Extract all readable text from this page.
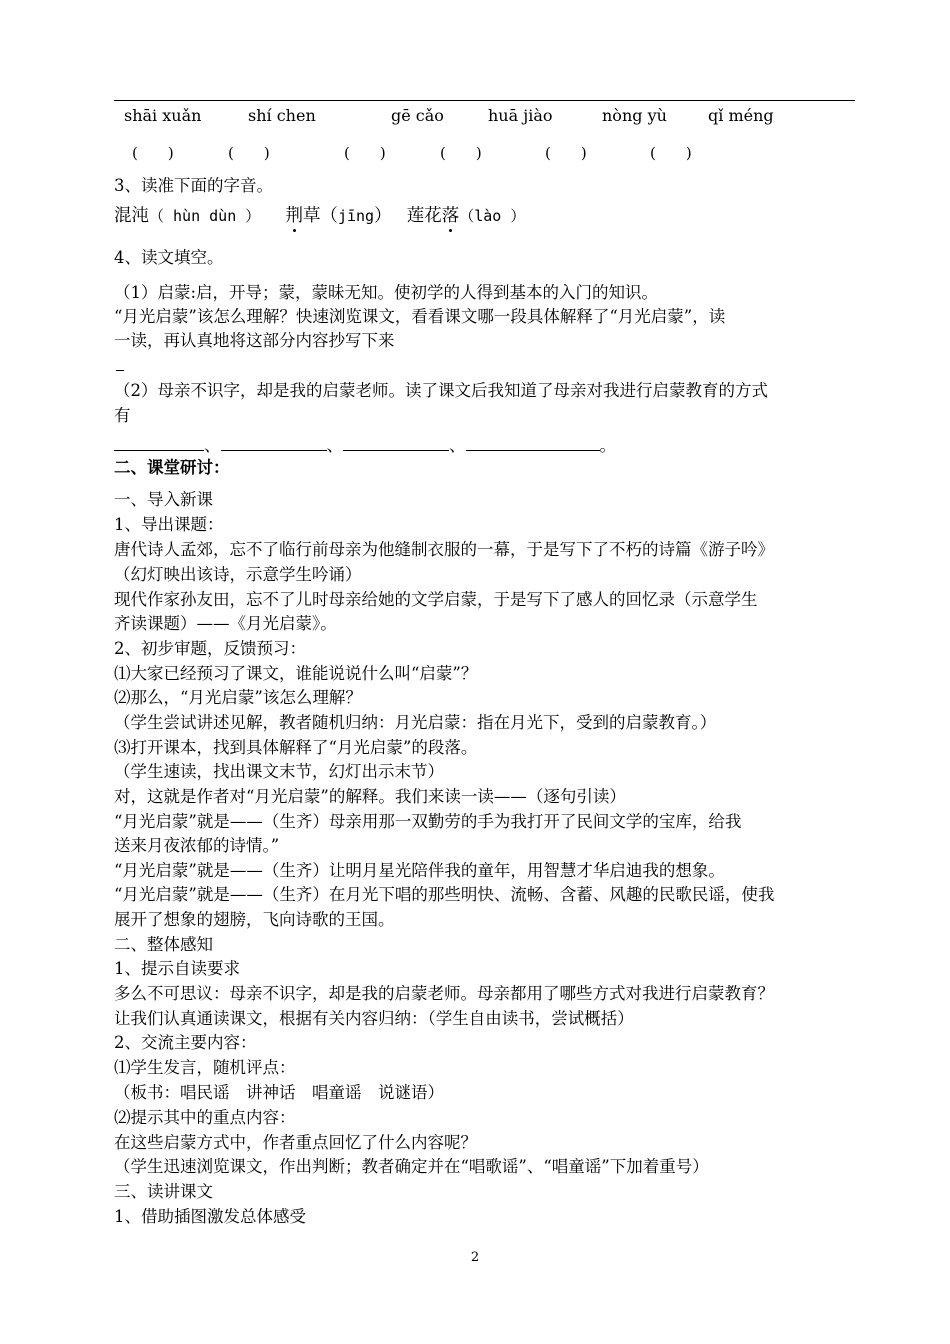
shāi xuǎn	shí chen	gē cǎo	huā jiào	nòng yù	qǐ méng
(　　)	(　　)	(　　)	(　　)	(　　)	(　　)
3、读准下面的字音。
混沌（ hùn dùn ） 荆草（jīng） 莲花落（lào ）
4、读文填空。
（1）启蒙:启，开导；蒙，蒙昧无知。使初学的人得到基本的入门的知识。
“月光启蒙”该怎么理解？快速浏览课文，看看课文哪一段具体解释了“月光启蒙”，读
一读，再认真地将这部分内容抄写下来
（2）母亲不识字，却是我的启蒙老师。读了课文后我知道了母亲对我进行启蒙教育的方式
有
、	、	、	。
二、课堂研讨：
一、导入新课
1、导出课题：
唐代诗人孟郊，忘不了临行前母亲为他缝制衣服的一幕，于是写下了不朽的诗篇《游子吟》
（幻灯映出该诗，示意学生吟诵）
现代作家孙友田，忘不了儿时母亲给她的文学启蒙，于是写下了感人的回忆录（示意学生
齐读课题）——《月光启蒙》。
2、初步审题，反馈预习：
⑴大家已经预习了课文，谁能说说什么叫“启蒙”？
⑵那么，“月光启蒙”该怎么理解？
（学生尝试讲述见解，教者随机归纳：月光启蒙：指在月光下，受到的启蒙教育。）
⑶打开课本，找到具体解释了“月光启蒙”的段落。
（学生速读，找出课文末节，幻灯出示末节）
对，这就是作者对“月光启蒙”的解释。我们来读一读——（逐句引读）
“月光启蒙”就是——（生齐）母亲用那一双勤劳的手为我打开了民间文学的宝库，给我
送来月夜浓郁的诗情。”
“月光启蒙”就是——（生齐）让明月星光陪伴我的童年，用智慧才华启迪我的想象。
“月光启蒙”就是——（生齐）在月光下唱的那些明快、流畅、含蓄、风趣的民歌民谣，使我
展开了想象的翅膀，飞向诗歌的王国。
二、整体感知
1、提示自读要求
多么不可思议：母亲不识字，却是我的启蒙老师。母亲都用了哪些方式对我进行启蒙教育？
让我们认真通读课文，根据有关内容归纳：（学生自由读书，尝试概括）
2、交流主要内容：
⑴学生发言，随机评点：
（板书：唱民谣　讲神话　唱童谣　说谜语）
⑵提示其中的重点内容：
在这些启蒙方式中，作者重点回忆了什么内容呢？
（学生迅速浏览课文，作出判断；教者确定并在“唱歌谣”、“唱童谣”下加着重号）
三、读讲课文
1、借助插图激发总体感受
2
